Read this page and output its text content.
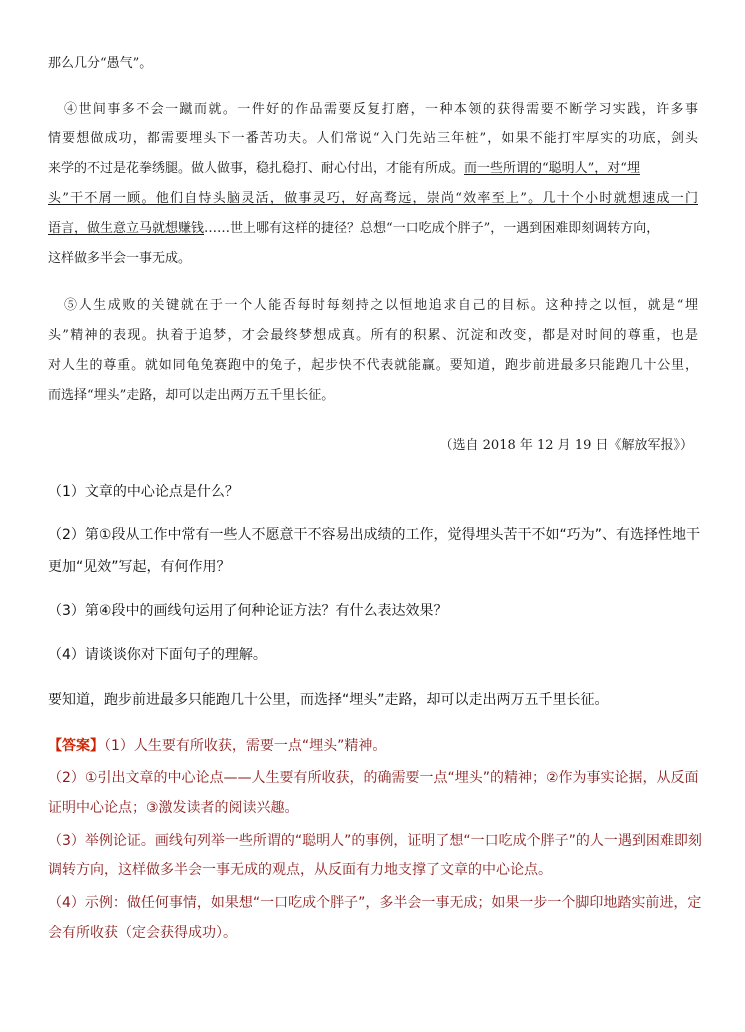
那么几分“愚气”。
④世间事多不会一蹴而就。一件好的作品需要反复打磨，一种本领的获得需要不断学习实践，许多事
情要想做成功，都需要埋头下一番苦功夫。人们常说“入门先站三年桩”，如果不能打牢厚实的功底，剑头
来学的不过是花拳绣腿。做人做事，稳扎稳打、耐心付出，才能有所成。而一些所谓的“聪明人”，对“埋
头”干不屑一顾。他们自恃头脑灵活，做事灵巧，好高骛远，崇尚“效率至上”。几十个小时就想速成一门
语言，做生意立马就想赚钱……世上哪有这样的捷径？总想“一口吃成个胖子”，一遇到困难即刻调转方向，
这样做多半会一事无成。
⑤人生成败的关键就在于一个人能否每时每刻持之以恒地追求自己的目标。这种持之以恒，就是“埋
头”精神的表现。执着于追梦，才会最终梦想成真。所有的积累、沉淀和改变，都是对时间的尊重，也是
对人生的尊重。就如同龟兔赛跑中的兔子，起步快不代表就能赢。要知道，跑步前进最多只能跑几十公里，
而选择“埋头”走路，却可以走出两万五千里长征。
（选自 2018 年 12 月 19 日《解放军报》）
（1）文章的中心论点是什么？
（2）第①段从工作中常有一些人不愿意干不容易出成绩的工作，觉得埋头苦干不如“巧为”、有选择性地干
更加“见效”写起，有何作用？
（3）第④段中的画线句运用了何种论证方法？有什么表达效果？
（4）请谈谈你对下面句子的理解。
要知道，跑步前进最多只能跑几十公里，而选择“埋头”走路，却可以走出两万五千里长征。
【答案】（1）人生要有所收获，需要一点“埋头”精神。
（2）①引出文章的中心论点——人生要有所收获，的确需要一点“埋头”的精神；②作为事实论据，从反面
证明中心论点；③激发读者的阅读兴趣。
（3）举例论证。画线句列举一些所谓的“聪明人”的事例，证明了想“一口吃成个胖子”的人一遇到困难即刻
调转方向，这样做多半会一事无成的观点，从反面有力地支撑了文章的中心论点。
（4）示例：做任何事情，如果想“一口吃成个胖子”，多半会一事无成；如果一步一个脚印地踏实前进，定
会有所收获（定会获得成功）。
